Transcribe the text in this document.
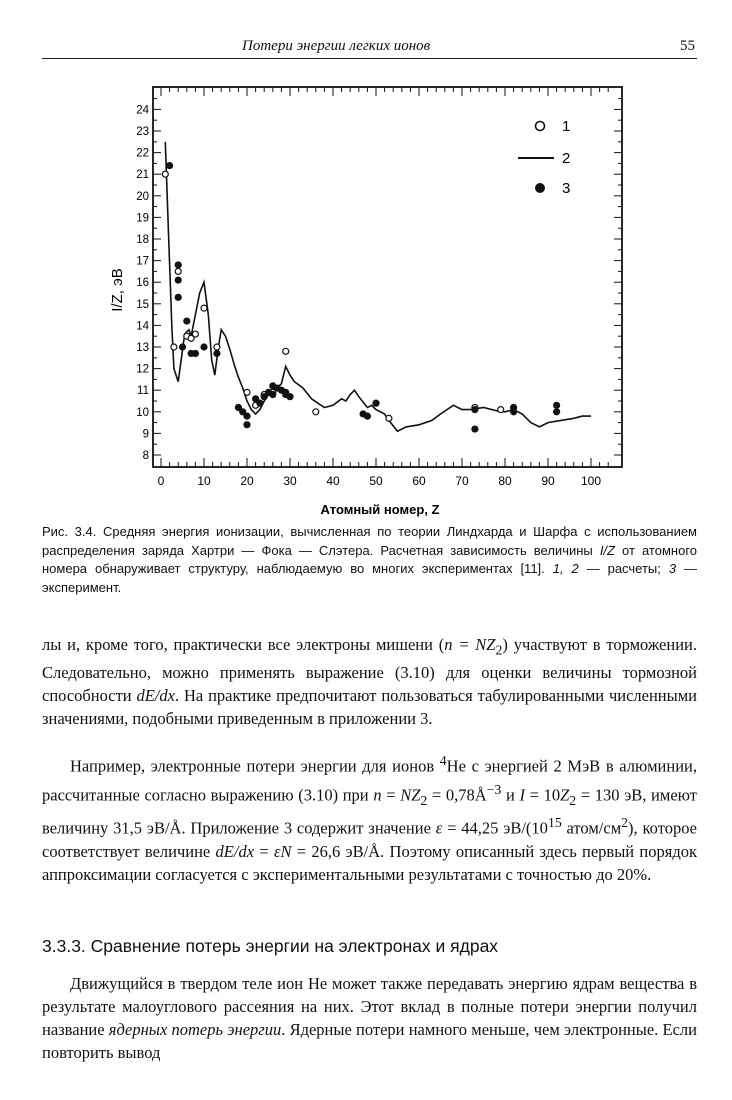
Потери энергии легких ионов	55
0	10 20 30 40 50 60 70 80 90 100
8
9
10
11
12
13
14
15
16
17
18
19
20
21
22
23
24
1
2
3
Атомный номер, Z
I/Z, эВ
Рис. 3.4. Средняя энергия ионизации, вычисленная по теории Линдхарда и Шарфа с использованием распределения заряда Хартри — Фока — Слэтера. Расчетная зависимость величины I/Z от атомного номера обнаруживает структуру, наблюдаемую во многих экспериментах [11]. 1, 2 — расчеты; 3 — эксперимент.

лы и, кроме того, практически все электроны мишени $(n = NZ_2)$ участвуют в торможении. Следовательно, можно применять выражение (3.10) для оценки величины тормозной способности dE/dx. На практике предпочитают пользоваться табулированными численными значениями, подобными приведенным в приложении 3.

Например, электронные потери энергии для ионов $^4$He с энергией 2 МэВ в алюминии, рассчитанные согласно выражению (3.10) при $n = NZ_2$ = $0,78Å^{-3}$ и $I = 10Z_2 = 130$ эВ, имеют величину 31,5 эВ/Å. Приложение 3 содержит значение ε = 44,25 $эВ/(10^{15}$ атом/$см^2$), которое соответствует величине dE/dx = εN = 26,6 эВ/Å. Поэтому описанный здесь первый порядок аппроксимации согласуется с экспериментальными результатами с точностью до 20%.

3.3.3. Сравнение потерь энергии на электронах и ядрах

Движущийся в твердом теле ион He может также передавать энергию ядрам вещества в результате малоуглового рассеяния на них. Этот вклад в полные потери энергии получил название ядерных потерь энергии. Ядерные потери намного меньше, чем электронные. Если повторить вывод
